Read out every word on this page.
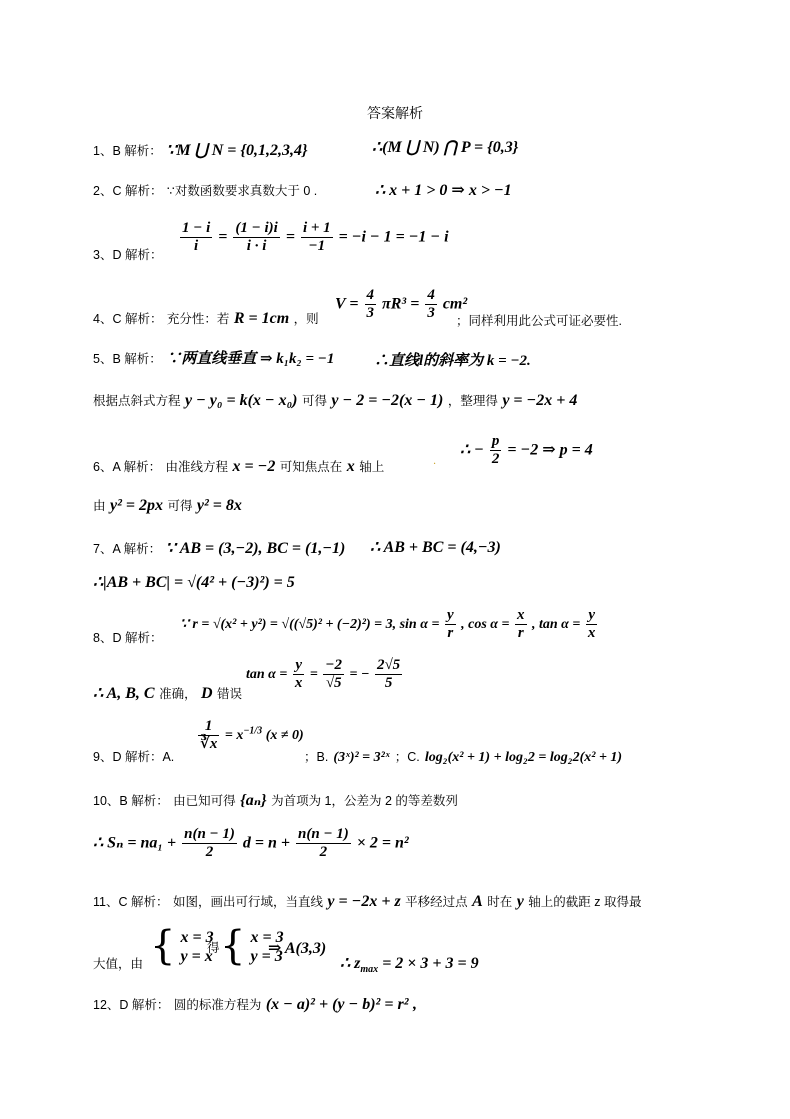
答案解析
1、B 解析： ∵M ⋃ N = {0,1,2,3,4}	∴(M ⋃ N) ⋂ P = {0,3}
2、C 解析： ∵对数函数要求真数大于 0 .	∴ x + 1 > 0 ⇒ x > −1
3、D 解析： $\frac{1 - i}{i} = \frac{(1 - i)i}{i \cdot i} = \frac{i + 1}{-1} = -i - 1 = -1 - i$
4、C 解析： 充分性：若 R = 1cm ，则
$V = \frac{4}{3} \pi R^3 = \frac{4}{3} cm^2$
；同样利用此公式可证必要性.
5、B 解析： ∵两直线垂直 ⇒ k₁k₂ = −1	∴直线l的斜率为 k = −2.
根据点斜式方程 y − y₀ = k(x − x₀) 可得 y − 2 = −2(x − 1) ，整理得 y = −2x + 4
6、A 解析： 由准线方程 x = −2 可知焦点在 x 轴上	·
∴ − $\frac{p}{2} = -2$ ⇒ p = 4
由 y² = 2px 可得 y² = 8x
7、A 解析： ∵ AB = (3,−2), BC = (1,−1) ∴ AB + BC = (4,−3)
∴|AB + BC| = √(4² + (−3)²) = 5
8、D 解析：
∵ r = √(x² + y²) = √((√5)² + (−2)²) = 3, $\sin \alpha = \frac{y}{r}$ , $\cos \alpha = \frac{x}{r}$ , $\tan \alpha = \frac{y}{x}$
∴ A, B, C 准确， D 错误
$\tan \alpha = \frac{y}{x} = \frac{-2}{√5}$ = − $\frac{2√5}{5}$
9、D 解析：A.
$\frac{1}{∛x} = x^{-1/3}$ (x ≠ 0)
；B. (3ˣ)² = 3²ˣ ；C. log₂(x² + 1) + log₂2 = log₂2(x² + 1)
10、B 解析： 由已知可得 {aₙ} 为首项为 1，公差为 2 的等差数列
∴ $S_n = na_1 + \frac{n(n - 1)}{2}$ $d = n + \frac{n(n - 1)}{2} \times 2 = n^2$
11、C 解析： 如图，画出可行域，当直线 y = −2x + z 平移经过点 A 时在 y 轴上的截距 z 取得最
大值，由 { x = 3
y = x
得 { x = 3
y = 3
⇒ A(3,3)
∴ $z_{max} = 2 \times 3 + 3 = 9$
12、D 解析： 圆的标准方程为 (x − a)² + (y − b)² = r² ,
